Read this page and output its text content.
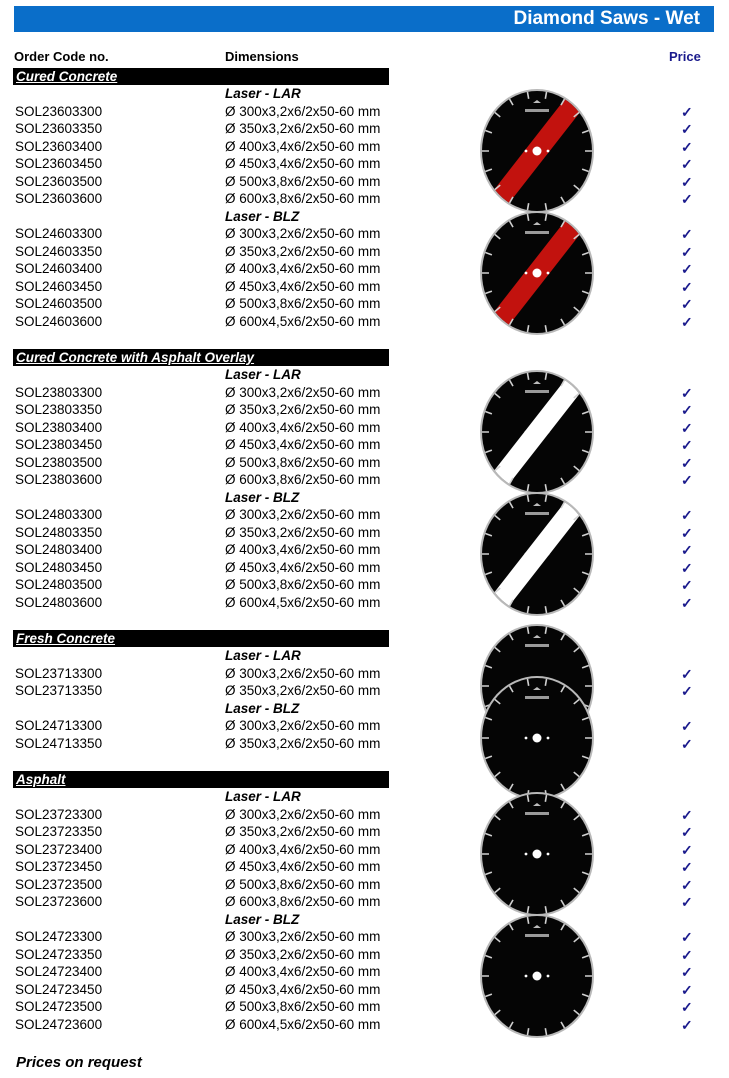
Diamond Saws - Wet
Order Code no.	Dimensions	Price
Cured Concrete
Laser - LAR
SOL23603300	Ø 300x3,2x6/2x50-60 mm	✓
SOL23603350	Ø 350x3,2x6/2x50-60 mm	✓
SOL23603400	Ø 400x3,4x6/2x50-60 mm	✓
SOL23603450	Ø 450x3,4x6/2x50-60 mm	✓
SOL23603500	Ø 500x3,8x6/2x50-60 mm	✓
SOL23603600	Ø 600x3,8x6/2x50-60 mm	✓
Laser - BLZ
SOL24603300	Ø 300x3,2x6/2x50-60 mm	✓
SOL24603350	Ø 350x3,2x6/2x50-60 mm	✓
SOL24603400	Ø 400x3,4x6/2x50-60 mm	✓
SOL24603450	Ø 450x3,4x6/2x50-60 mm	✓
SOL24603500	Ø 500x3,8x6/2x50-60 mm	✓
SOL24603600	Ø 600x4,5x6/2x50-60 mm	✓
Cured Concrete with Asphalt Overlay
Laser - LAR
SOL23803300	Ø 300x3,2x6/2x50-60 mm	✓
SOL23803350	Ø 350x3,2x6/2x50-60 mm	✓
SOL23803400	Ø 400x3,4x6/2x50-60 mm	✓
SOL23803450	Ø 450x3,4x6/2x50-60 mm	✓
SOL23803500	Ø 500x3,8x6/2x50-60 mm	✓
SOL23803600	Ø 600x3,8x6/2x50-60 mm	✓
Laser - BLZ
SOL24803300	Ø 300x3,2x6/2x50-60 mm	✓
SOL24803350	Ø 350x3,2x6/2x50-60 mm	✓
SOL24803400	Ø 400x3,4x6/2x50-60 mm	✓
SOL24803450	Ø 450x3,4x6/2x50-60 mm	✓
SOL24803500	Ø 500x3,8x6/2x50-60 mm	✓
SOL24803600	Ø 600x4,5x6/2x50-60 mm	✓
Fresh Concrete
Laser - LAR
SOL23713300	Ø 300x3,2x6/2x50-60 mm	✓
SOL23713350	Ø 350x3,2x6/2x50-60 mm	✓
Laser - BLZ
SOL24713300	Ø 300x3,2x6/2x50-60 mm	✓
SOL24713350	Ø 350x3,2x6/2x50-60 mm	✓
Asphalt
Laser - LAR
SOL23723300	Ø 300x3,2x6/2x50-60 mm	✓
SOL23723350	Ø 350x3,2x6/2x50-60 mm	✓
SOL23723400	Ø 400x3,4x6/2x50-60 mm	✓
SOL23723450	Ø 450x3,4x6/2x50-60 mm	✓
SOL23723500	Ø 500x3,8x6/2x50-60 mm	✓
SOL23723600	Ø 600x3,8x6/2x50-60 mm	✓
Laser - BLZ
SOL24723300	Ø 300x3,2x6/2x50-60 mm	✓
SOL24723350	Ø 350x3,2x6/2x50-60 mm	✓
SOL24723400	Ø 400x3,4x6/2x50-60 mm	✓
SOL24723450	Ø 450x3,4x6/2x50-60 mm	✓
SOL24723500	Ø 500x3,8x6/2x50-60 mm	✓
SOL24723600	Ø 600x4,5x6/2x50-60 mm	✓
Prices on request
